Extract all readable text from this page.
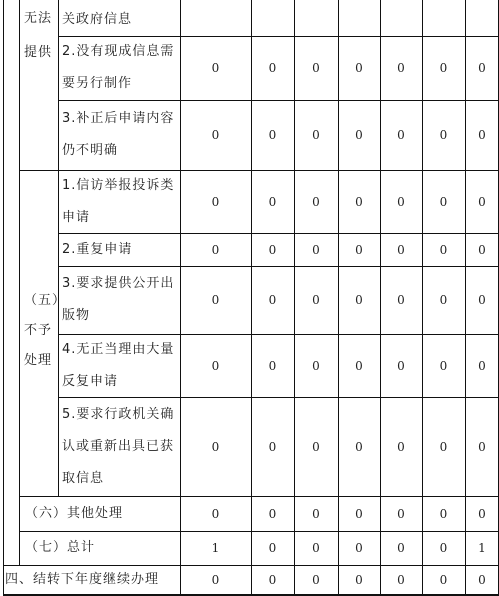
无法
提供
（五）
不予
处理
关政府信息
2.没有现成信息需
要另行制作
0	0	0	0	0	0	0
3.补正后申请内容
仍不明确
0	0	0	0	0	0	0
1.信访举报投诉类
申请
0	0	0	0	0	0	0
2.重复申请	0	0	0	0	0	0	0
3.要求提供公开出
版物
0	0	0	0	0	0	0
4.无正当理由大量
反复申请
0	0	0	0	0	0	0
5.要求行政机关确
认或重新出具已获
取信息
0	0	0	0	0	0	0
（六）其他处理	0	0	0	0	0	0	0
（七）总计	1	0	0	0	0	0	1
四、结转下年度继续办理	0	0	0	0	0	0	0
